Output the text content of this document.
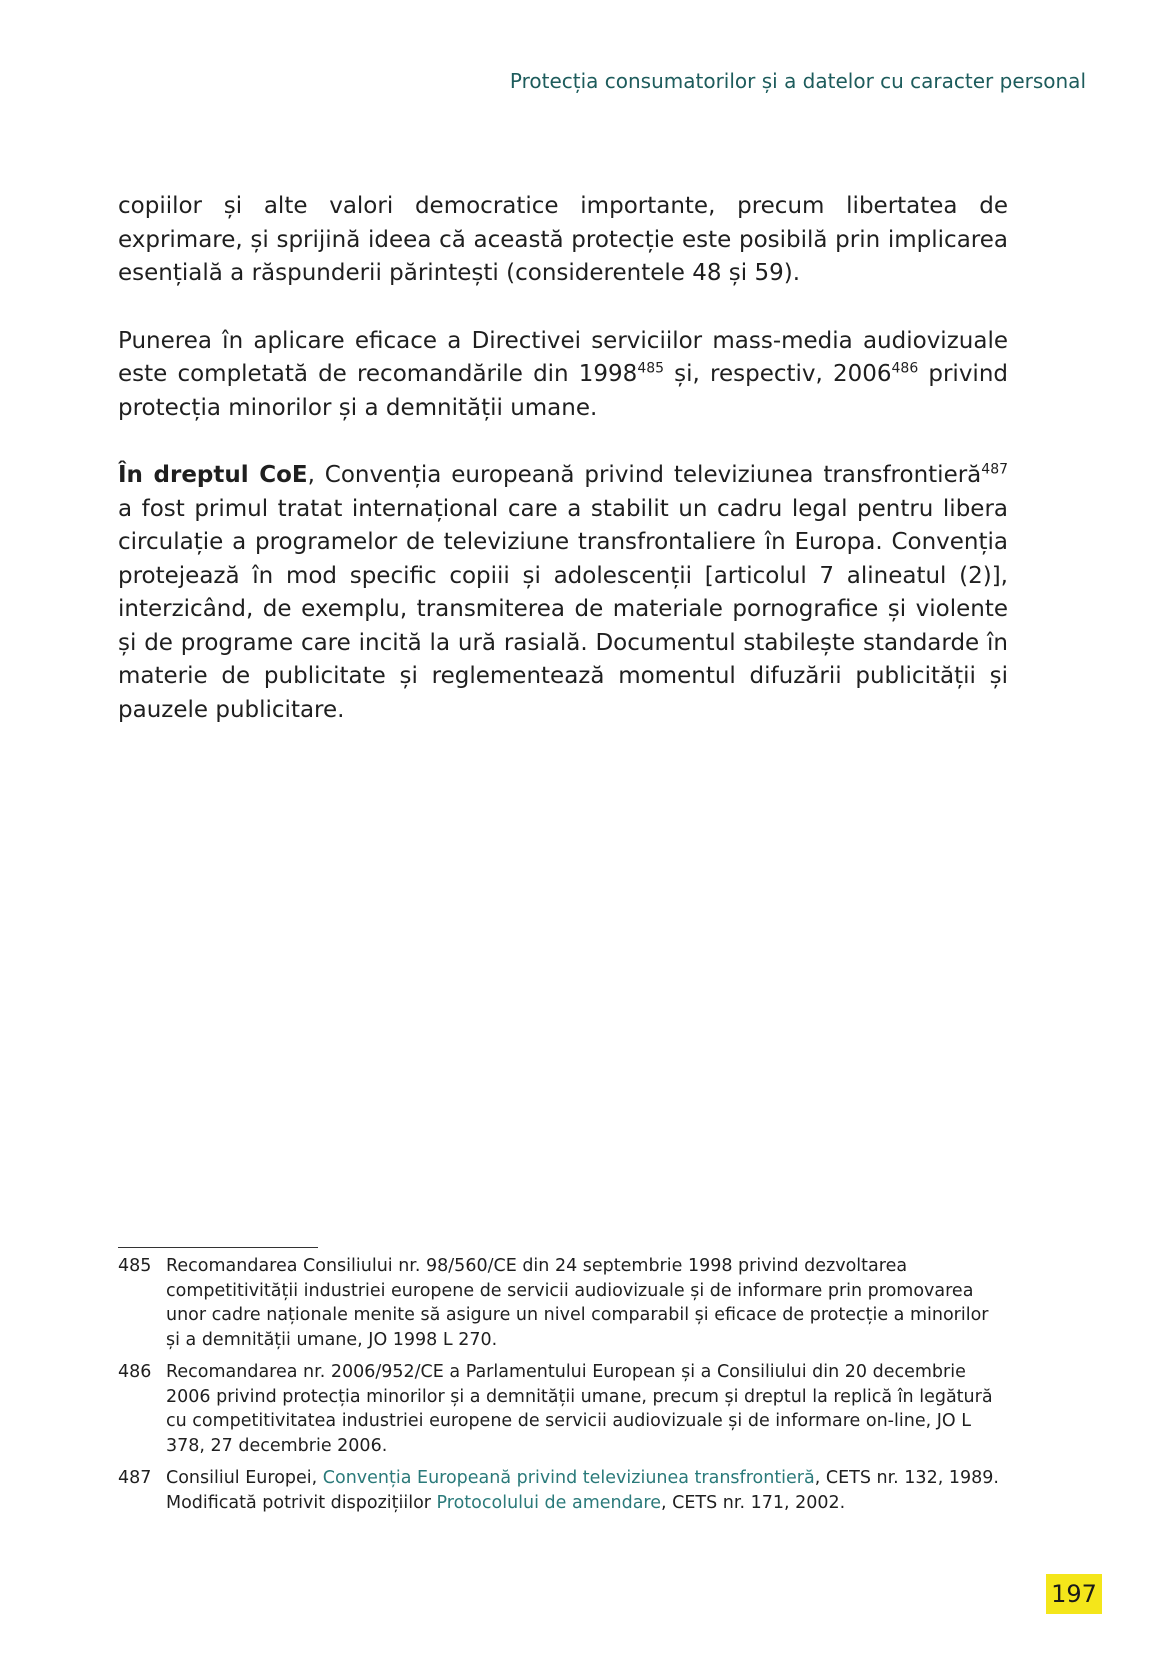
Protecția consumatorilor și a datelor cu caracter personal

copiilor și alte valori democratice importante, precum libertatea de exprimare, și sprijină ideea că această protecție este posibilă prin implicarea esențială a răspunderii părintești (considerentele 48 și 59).

Punerea în aplicare eficace a Directivei serviciilor mass-media audiovizuale este completată de recomandările din 1998$^{485}$ și, respectiv, 2006$^{486}$ privind protecția minorilor și a demnității umane.

În dreptul CoE, Convenția europeană privind televiziunea transfrontieră$^{487}$ a fost primul tratat internațional care a stabilit un cadru legal pentru libera circulație a programelor de televiziune transfrontaliere în Europa. Convenția protejează în mod specific copiii și adolescenții [articolul 7 alineatul (2)], interzicând, de exemplu, transmiterea de materiale pornografice și violente și de programe care incită la ură rasială. Documentul stabilește standarde în materie de publicitate și reglementează momentul difuzării publicității și pauzele publicitare.

485 Recomandarea Consiliului nr. 98/560/CE din 24 septembrie 1998 privind dezvoltarea competitivității industriei europene de servicii audiovizuale și de informare prin promovarea unor cadre naționale menite să asigure un nivel comparabil și eficace de protecție a minorilor și a demnității umane, JO 1998 L 270.
486 Recomandarea nr. 2006/952/CE a Parlamentului European și a Consiliului din 20 decembrie 2006 privind protecția minorilor și a demnității umane, precum și dreptul la replică în legătură cu competitivitatea industriei europene de servicii audiovizuale și de informare on-line, JO L 378, 27 decembrie 2006.
487 Consiliul Europei, Convenția Europeană privind televiziunea transfrontieră, CETS nr. 132, 1989. Modificată potrivit dispozițiilor Protocolului de amendare, CETS nr. 171, 2002.
197
